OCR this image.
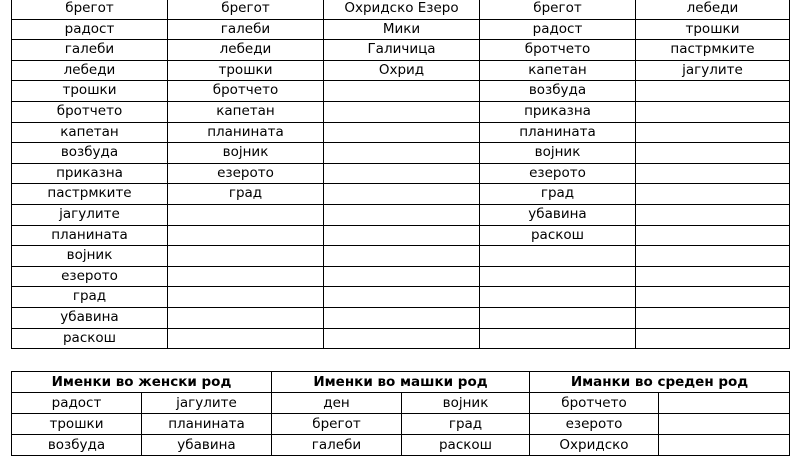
брегот	брегот	Охридско Езеро	брегот	лебеди
радост	галеби	Мики	радост	трошки
галеби	лебеди	Галичица	бротчето	пастрмките
лебеди	трошки	Охрид	капетан	јагулите
трошки	бротчето		возбуда	
бротчето	капетан		приказна	
капетан	планината		планината	
возбуда	војник		војник	
приказна	езерото		езерото	
пастрмките	град		град	
јагулите			убавина	
планината			раскош	
војник				
езерото				
град				
убавина				
раскош				
Именки во женски род		Именки во машки род		Иманки во среден род	
радост	јагулите	ден	војник	бротчето	
трошки	планината	брегот	град	езерото	
возбуда	убавина	галеби	раскош	Охридско	
